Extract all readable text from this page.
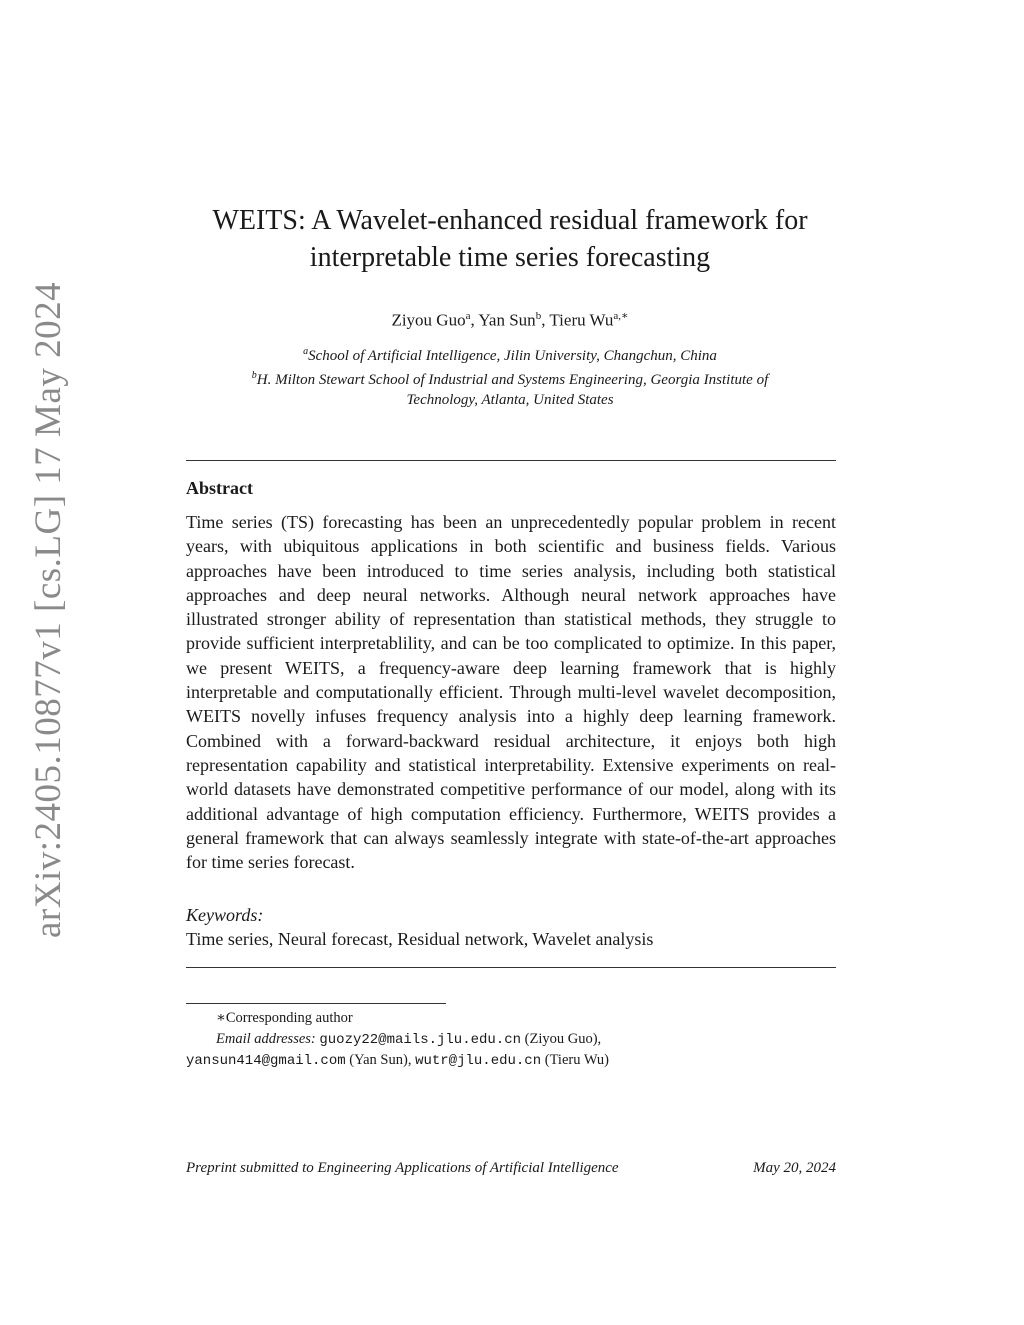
arXiv:2405.10877v1 [cs.LG] 17 May 2024
WEITS: A Wavelet-enhanced residual framework for
interpretable time series forecasting
Ziyou Guo$^a$, Yan Sun$^b$, Tieru $Wu^{a,∗}$
$^a$School of Artificial Intelligence, Jilin University, Changchun, China
$^b$H. Milton Stewart School of Industrial and Systems Engineering, Georgia Institute of
Technology, Atlanta, United States
Abstract

Time series (TS) forecasting has been an unprecedentedly popular problem in recent years, with ubiquitous applications in both scientific and business fields. Various approaches have been introduced to time series analysis, including both statistical approaches and deep neural networks. Although neural network approaches have illustrated stronger ability of representation than statistical methods, they struggle to provide sufficient interpretablility, and can be too complicated to optimize. In this paper, we present WEITS, a frequency-aware deep learning framework that is highly interpretable and computationally efficient. Through multi-level wavelet decomposition, WEITS novelly infuses frequency analysis into a highly deep learning framework. Combined with a forward-backward residual architecture, it enjoys both high representation capability and statistical interpretability. Extensive experiments on real-world datasets have demonstrated competitive performance of our model, along with its additional advantage of high computation efficiency. Furthermore, WEITS provides a general framework that can always seamlessly integrate with state-of-the-art approaches for time series forecast.

Keywords:
Time series, Neural forecast, Residual network, Wavelet analysis
∗Corresponding author
Email addresses: guozy22@mails.jlu.edu.cn (Ziyou Guo),
yansun414@gmail.com (Yan Sun), wutr@jlu.edu.cn (Tieru Wu)
Preprint submitted to Engineering Applications of Artificial Intelligence	May 20, 2024
